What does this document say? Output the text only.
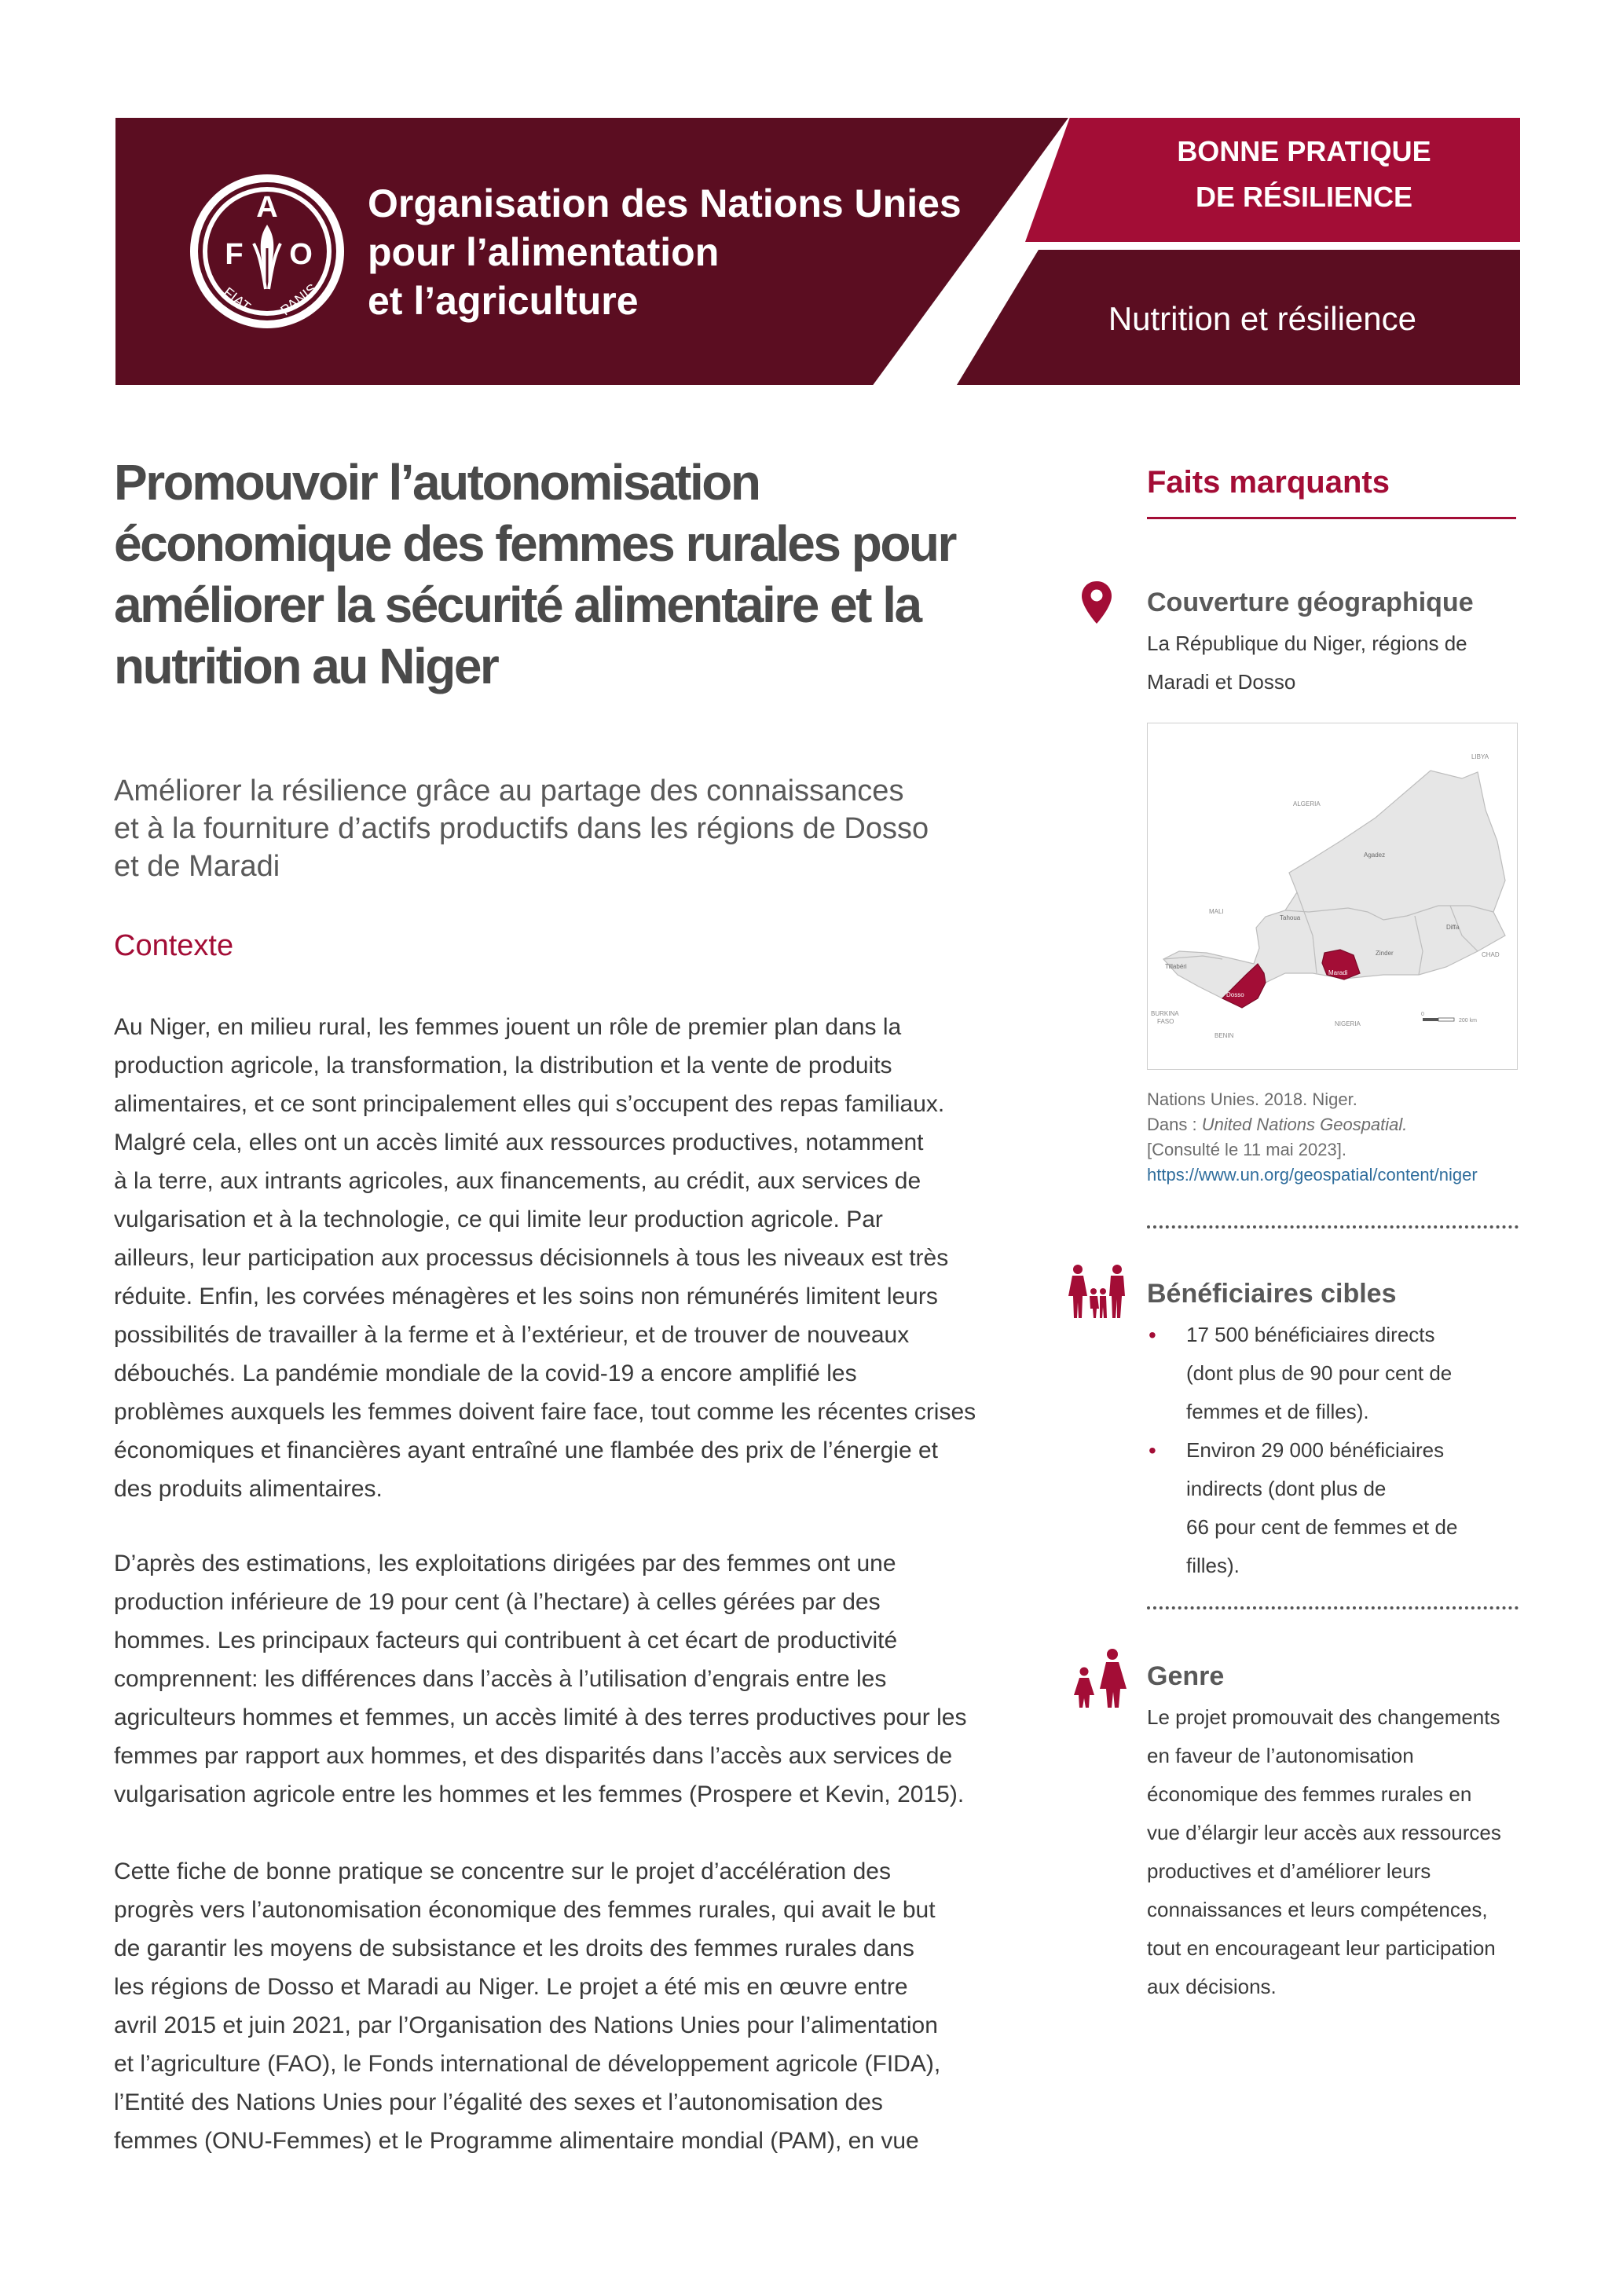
F
A
O
FIAT PANIS
Organisation des Nations Unies
pour l’alimentation
et l’agriculture
BONNE PRATIQUE
DE RÉSILIENCE
Nutrition et résilience
Promouvoir l’autonomisation
économique des femmes rurales pour
améliorer la sécurité alimentaire et la
nutrition au Niger
Améliorer la résilience grâce au partage des connaissances
et à la fourniture d’actifs productifs dans les régions de Dosso
et de Maradi
Contexte

Au Niger, en milieu rural, les femmes jouent un rôle de premier plan dans la
production agricole, la transformation, la distribution et la vente de produits
alimentaires, et ce sont principalement elles qui s’occupent des repas familiaux.
Malgré cela, elles ont un accès limité aux ressources productives, notamment
à la terre, aux intrants agricoles, aux financements, au crédit, aux services de
vulgarisation et à la technologie, ce qui limite leur production agricole. Par
ailleurs, leur participation aux processus décisionnels à tous les niveaux est très
réduite. Enfin, les corvées ménagères et les soins non rémunérés limitent leurs
possibilités de travailler à la ferme et à l’extérieur, et de trouver de nouveaux
débouchés. La pandémie mondiale de la covid-19 a encore amplifié les
problèmes auxquels les femmes doivent faire face, tout comme les récentes crises
économiques et financières ayant entraîné une flambée des prix de l’énergie et
des produits alimentaires.

D’après des estimations, les exploitations dirigées par des femmes ont une
production inférieure de 19 pour cent (à l’hectare) à celles gérées par des
hommes. Les principaux facteurs qui contribuent à cet écart de productivité
comprennent: les différences dans l’accès à l’utilisation d’engrais entre les
agriculteurs hommes et femmes, un accès limité à des terres productives pour les
femmes par rapport aux hommes, et des disparités dans l’accès aux services de
vulgarisation agricole entre les hommes et les femmes (Prospere et Kevin, 2015).

Cette fiche de bonne pratique se concentre sur le projet d’accélération des
progrès vers l’autonomisation économique des femmes rurales, qui avait le but
de garantir les moyens de subsistance et les droits des femmes rurales dans
les régions de Dosso et Maradi au Niger. Le projet a été mis en œuvre entre
avril 2015 et juin 2021, par l’Organisation des Nations Unies pour l’alimentation
et l’agriculture (FAO), le Fonds international de développement agricole (FIDA),
l’Entité des Nations Unies pour l’égalité des sexes et l’autonomisation des
femmes (ONU-Femmes) et le Programme alimentaire mondial (PAM), en vue

Faits marquants
Couverture géographique
La République du Niger, régions de
Maradi et Dosso
LIBYA
ALGERIA
Agadez
MALI
Tahoua
Tillabéri
Maradi
Dosso
Zinder
Diffa
CHAD
BURKINA
FASO
BENIN
NIGERIA
0
200 km
Nations Unies. 2018. Niger.
Dans : United Nations Geospatial.
[Consulté le 11 mai 2023].
https://www.un.org/geospatial/content/niger
Bénéficiaires cibles
• 17 500 bénéficiaires directs
(dont plus de 90 pour cent de
femmes et de filles).
• Environ 29 000 bénéficiaires
indirects (dont plus de
66 pour cent de femmes et de
filles).
Genre
Le projet promouvait des changements
en faveur de l’autonomisation
économique des femmes rurales en
vue d’élargir leur accès aux ressources
productives et d’améliorer leurs
connaissances et leurs compétences,
tout en encourageant leur participation
aux décisions.
